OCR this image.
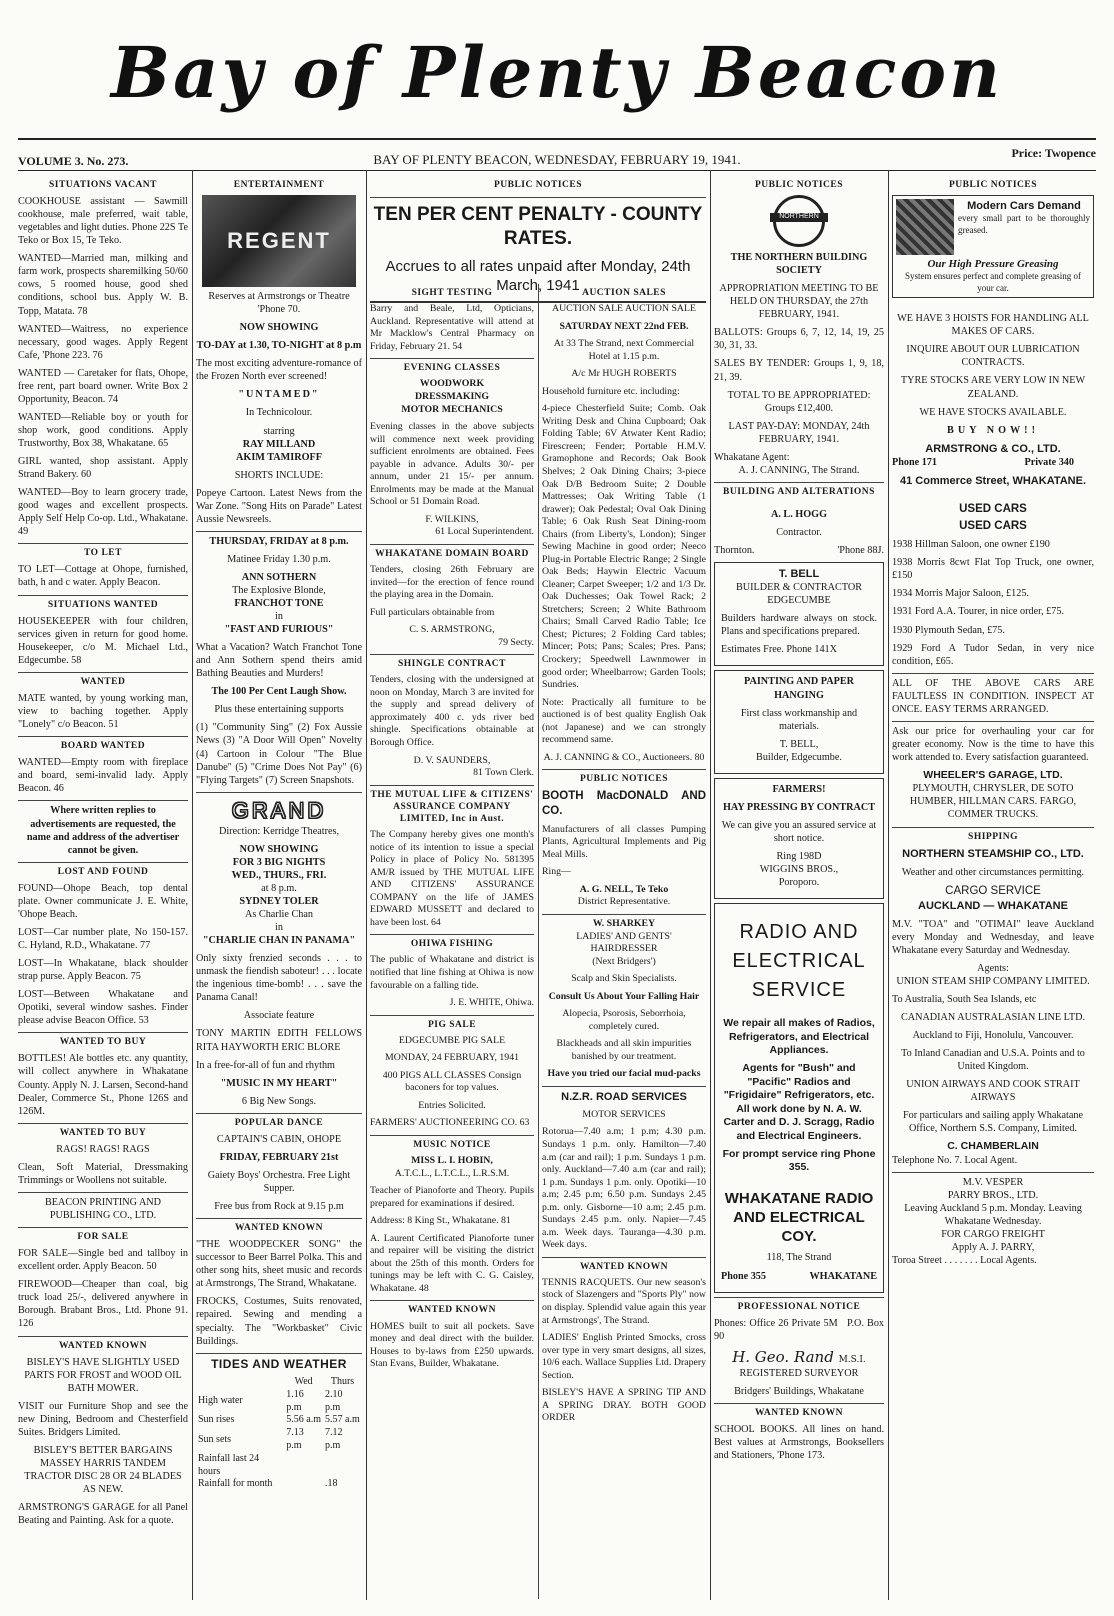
Bay of Plenty Beacon
VOLUME 3. No. 273.	BAY OF PLENTY BEACON, WEDNESDAY, FEBRUARY 19, 1941.	Price: Twopence
SITUATIONS VACANT

COOKHOUSE assistant — Sawmill cookhouse, male preferred, wait table, vegetables and light duties. Phone 22S Te Teko or Box 15, Te Teko.

WANTED—Married man, milking and farm work, prospects sharemilking 50/60 cows, 5 roomed house, good shed conditions, school bus. Apply W. B. Topp, Matata. 78

WANTED—Waitress, no experience necessary, good wages. Apply Regent Cafe, 'Phone 223. 76

WANTED — Caretaker for flats, Ohope, free rent, part board owner. Write Box 2 Opportunity, Beacon. 74

WANTED—Reliable boy or youth for shop work, good conditions. Apply Trustworthy, Box 38, Whakatane. 65

GIRL wanted, shop assistant. Apply Strand Bakery. 60

WANTED—Boy to learn grocery trade, good wages and excellent prospects. Apply Self Help Co-op. Ltd., Whakatane. 49

TO LET

TO LET—Cottage at Ohope, furnished, bath, h and c water. Apply Beacon.

SITUATIONS WANTED

HOUSEKEEPER with four children, services given in return for good home. Housekeeper, c/o M. Michael Ltd., Edgecumbe. 58

WANTED

MATE wanted, by young working man, view to baching together. Apply "Lonely" c/o Beacon. 51

BOARD WANTED

WANTED—Empty room with fireplace and board, semi-invalid lady. Apply Beacon. 46

Where written replies to advertisements are requested, the name and address of the advertiser cannot be given.

LOST AND FOUND

FOUND—Ohope Beach, top dental plate. Owner communicate J. E. White, 'Ohope Beach.

LOST—Car number plate, No 150-157. C. Hyland, R.D., Whakatane. 77

LOST—In Whakatane, black shoulder strap purse. Apply Beacon. 75

LOST—Between Whakatane and Opotiki, several window sashes. Finder please advise Beacon Office. 53

WANTED TO BUY

BOTTLES! Ale bottles etc. any quantity, will collect anywhere in Whakatane County. Apply N. J. Larsen, Second-hand Dealer, Commerce St., Phone 126S and 126M.

WANTED TO BUY

RAGS! RAGS! RAGS

Clean, Soft Material, Dressmaking Trimmings or Woollens not suitable.

BEACON PRINTING AND PUBLISHING CO., LTD.

FOR SALE

FOR SALE—Single bed and tallboy in excellent order. Apply Beacon. 50

FIREWOOD—Cheaper than coal, big truck load 25/-, delivered anywhere in Borough. Brabant Bros., Ltd. Phone 91. 126

WANTED KNOWN

BISLEY'S HAVE SLIGHTLY USED PARTS FOR FROST and WOOD OIL BATH MOWER.

VISIT our Furniture Shop and see the new Dining, Bedroom and Chesterfield Suites. Bridgers Limited.

BISLEY'S BETTER BARGAINS MASSEY HARRIS TANDEM TRACTOR DISC 28 OR 24 BLADES AS NEW.

ARMSTRONG'S GARAGE for all Panel Beating and Painting. Ask for a quote.

ENTERTAINMENT
REGENT

Reserves at Armstrongs or Theatre 'Phone 70.

NOW SHOWING

TO-DAY at 1.30, TO-NIGHT at 8 p.m

The most exciting adventure-romance of the Frozen North ever screened!

"UNTAMED"

In Technicolour.

starring

RAY MILLAND

AKIM TAMIROFF

SHORTS INCLUDE:

Popeye Cartoon. Latest News from the War Zone. "Song Hits on Parade" Latest Aussie Newsreels.

THURSDAY, FRIDAY at 8 p.m.

Matinee Friday 1.30 p.m.

ANN SOTHERN

The Explosive Blonde,

FRANCHOT TONE

in

"FAST AND FURIOUS"

What a Vacation? Watch Franchot Tone and Ann Sothern spend theirs amid Bathing Beauties and Murders!

The 100 Per Cent Laugh Show.

Plus these entertaining supports

(1) "Community Sing" (2) Fox Aussie News (3) "A Door Will Open" Novelty (4) Cartoon in Colour "The Blue Danube" (5) "Crime Does Not Pay" (6) "Flying Targets" (7) Screen Snapshots.

GRAND

Direction: Kerridge Theatres,

NOW SHOWING

FOR 3 BIG NIGHTS

WED., THURS., FRI.

at 8 p.m.

SYDNEY TOLER

As Charlie Chan

in

"CHARLIE CHAN IN PANAMA"

Only sixty frenzied seconds . . . to unmask the fiendish saboteur! . . . locate the ingenious time-bomb! . . . save the Panama Canal!

Associate feature

TONY MARTIN EDITH FELLOWS RITA HAYWORTH ERIC BLORE

In a free-for-all of fun and rhythm

"MUSIC IN MY HEART"

6 Big New Songs.

POPULAR DANCE

CAPTAIN'S CABIN, OHOPE

FRIDAY, FEBRUARY 21st

Gaiety Boys' Orchestra. Free Light Supper.

Free bus from Rock at 9.15 p.m

WANTED KNOWN

"THE WOODPECKER SONG" the successor to Beer Barrel Polka. This and other song hits, sheet music and records at Armstrongs, The Strand, Whakatane.

FROCKS, Costumes, Suits renovated, repaired. Sewing and mending a specialty. The "Workbasket" Civic Buildings.

TIDES AND WEATHER
	Wed	Thurs
High water	1.16 p.m	2.10 p.m
Sun rises	5.56 a.m	5.57 a.m
Sun sets	7.13 p.m	7.12 p.m
Rainfall last 24 hours		
Rainfall for month		.18
PUBLIC NOTICES
TEN PER CENT PENALTY - COUNTY RATES.
Accrues to all rates unpaid after Monday, 24th March, 1941
SIGHT TESTING

Barry and Beale, Ltd, Opticians, Auckland. Representative will attend at Mr Macklow's Central Pharmacy on Friday, February 21. 54

EVENING CLASSES

WOODWORK

DRESSMAKING

MOTOR MECHANICS

Evening classes in the above subjects will commence next week providing sufficient enrolments are obtained. Fees payable in advance. Adults 30/- per annum, under 21 15/- per annum. Enrolments may be made at the Manual School or 51 Domain Road.

F. WILKINS,

61 Local Superintendent.

WHAKATANE DOMAIN BOARD

Tenders, closing 26th February are invited—for the erection of fence round the playing area in the Domain.

Full particulars obtainable from

C. S. ARMSTRONG,

79 Secty.

SHINGLE CONTRACT

Tenders, closing with the undersigned at noon on Monday, March 3 are invited for the supply and spread delivery of approximately 400 c. yds river bed shingle. Specifications obtainable at Borough Office.

D. V. SAUNDERS,

81 Town Clerk.

THE MUTUAL LIFE & CITIZENS' ASSURANCE COMPANY LIMITED, Inc in Aust.

The Company hereby gives one month's notice of its intention to issue a special Policy in place of Policy No. 581395 AM/R issued by THE MUTUAL LIFE AND CITIZENS' ASSURANCE COMPANY on the life of JAMES EDWARD MUSSETT and declared to have been lost. 64

OHIWA FISHING

The public of Whakatane and district is notified that line fishing at Ohiwa is now favourable on a falling tide.

J. E. WHITE, Ohiwa.

PIG SALE

EDGECUMBE PIG SALE

MONDAY, 24 FEBRUARY, 1941

400 PIGS ALL CLASSES Consign baconers for top values.

Entries Solicited.

FARMERS' AUCTIONEERING CO. 63

MUSIC NOTICE

MISS L. I. HOBIN,

A.T.C.L., L.T.C.L., L.R.S.M.

Teacher of Pianoforte and Theory. Pupils prepared for examinations if desired.

Address: 8 King St., Whakatane. 81

A. Laurent Certificated Pianoforte tuner and repairer will be visiting the district about the 25th of this month. Orders for tunings may be left with C. G. Caisley, Whakatane. 48

WANTED KNOWN

HOMES built to suit all pockets. Save money and deal direct with the builder. Houses to by-laws from £250 upwards. Stan Evans, Builder, Whakatane.

AUCTION SALES

AUCTION SALE AUCTION SALE

SATURDAY NEXT 22nd FEB.

At 33 The Strand, next Commercial Hotel at 1.15 p.m.

A/c Mr HUGH ROBERTS

Household furniture etc. including:

4-piece Chesterfield Suite; Comb. Oak Writing Desk and China Cupboard; Oak Folding Table; 6V Atwater Kent Radio; Firescreen; Fender; Portable H.M.V. Gramophone and Records; Oak Book Shelves; 2 Oak Dining Chairs; 3-piece Oak D/B Bedroom Suite; 2 Double Mattresses; Oak Writing Table (1 drawer); Oak Pedestal; Oval Oak Dining Table; 6 Oak Rush Seat Dining-room Chairs (from Liberty's, London); Singer Sewing Machine in good order; Neeco Plug-in Portable Electric Range; 2 Single Oak Beds; Haywin Electric Vacuum Cleaner; Carpet Sweeper; 1/2 and 1/3 Dr. Oak Duchesses; Oak Towel Rack; 2 Stretchers; Screen; 2 White Bathroom Chairs; Small Carved Radio Table; Ice Chest; Pictures; 2 Folding Card tables; Mincer; Pots; Pans; Scales; Pres. Pans; Crockery; Speedwell Lawnmower in good order; Wheelbarrow; Garden Tools; Sundries.

Note: Practically all furniture to be auctioned is of best quality English Oak (not Japanese) and we can strongly recommend same.

A. J. CANNING & CO., Auctioneers. 80

PUBLIC NOTICES

BOOTH MacDONALD AND CO.

Manufacturers of all classes Pumping Plants, Agricultural Implements and Pig Meal Mills.

Ring—

A. G. NELL, Te Teko

District Representative.

W. SHARKEY

LADIES' AND GENTS' HAIRDRESSER

(Next Bridgers')

Scalp and Skin Specialists.

Consult Us About Your Falling Hair

Alopecia, Psorosis, Seborrhoia, completely cured.

Blackheads and all skin impurities banished by our treatment.

Have you tried our facial mud-packs

N.Z.R. ROAD SERVICES

MOTOR SERVICES

Rotorua—7.40 a.m; 1 p.m; 4.30 p.m. Sundays 1 p.m. only. Hamilton—7.40 a.m (car and rail); 1 p.m. Sundays 1 p.m. only. Auckland—7.40 a.m (car and rail); 1 p.m. Sundays 1 p.m. only. Opotiki—10 a.m; 2.45 p.m; 6.50 p.m. Sundays 2.45 p.m. only. Gisborne—10 a.m; 2.45 p.m. Sundays 2.45 p.m. only. Napier—7.45 a.m. Week days. Tauranga—4.30 p.m. Week days.

WANTED KNOWN

TENNIS RACQUETS. Our new season's stock of Slazengers and "Sports Ply" now on display. Splendid value again this year at Armstrongs', The Strand.

LADIES' English Printed Smocks, cross over type in very smart designs, all sizes, 10/6 each. Wallace Supplies Ltd. Drapery Section.

BISLEY'S HAVE A SPRING TIP AND A SPRING DRAY. BOTH GOOD ORDER

PUBLIC NOTICES
NORTHERN

THE NORTHERN BUILDING SOCIETY

APPROPRIATION MEETING TO BE HELD ON THURSDAY, the 27th FEBRUARY, 1941.

BALLOTS: Groups 6, 7, 12, 14, 19, 25 30, 31, 33.

SALES BY TENDER: Groups 1, 9, 18, 21, 39.

TOTAL TO BE APPROPRIATED: Groups £12,400.

LAST PAY-DAY: MONDAY, 24th FEBRUARY, 1941.

Whakatane Agent:

A. J. CANNING, The Strand.

BUILDING AND ALTERATIONS

A. L. HOGG

Contractor.

Thornton.	'Phone 88J.

T. BELL

BUILDER & CONTRACTOR EDGECUMBE

Builders hardware always on stock. Plans and specifications prepared.

Estimates Free. Phone 141X

PAINTING AND PAPER HANGING

First class workmanship and materials.

T. BELL,

Builder, Edgecumbe.

FARMERS!

HAY PRESSING BY CONTRACT

We can give you an assured service at short notice.

Ring 198D

WIGGINS BROS.,

Poroporo.

RADIO AND ELECTRICAL SERVICE

We repair all makes of Radios, Refrigerators, and Electrical Appliances.

Agents for "Bush" and "Pacific" Radios and "Frigidaire" Refrigerators, etc. All work done by N. A. W. Carter and D. J. Scragg, Radio and Electrical Engineers.

For prompt service ring Phone 355.

WHAKATANE RADIO AND ELECTRICAL COY.

118, The Strand

Phone 355	WHAKATANE

PROFESSIONAL NOTICE

Phones: Office 26 Private 5M P.O. Box 90

H. Geo. Rand M.S.I.

REGISTERED SURVEYOR

Bridgers' Buildings, Whakatane

WANTED KNOWN

SCHOOL BOOKS. All lines on hand. Best values at Armstrongs, Booksellers and Stationers, 'Phone 173.

PUBLIC NOTICES

Modern Cars Demand

every small part to be thoroughly greased.

Our High Pressure Greasing

System ensures perfect and complete greasing of your car.

WE HAVE 3 HOISTS FOR HANDLING ALL MAKES OF CARS.

INQUIRE ABOUT OUR LUBRICATION CONTRACTS.

TYRE STOCKS ARE VERY LOW IN NEW ZEALAND.

WE HAVE STOCKS AVAILABLE.

BUY NOW!!

ARMSTRONG & CO., LTD.

Phone 171	Private 340

41 Commerce Street, WHAKATANE.

USED CARS

USED CARS

1938 Hillman Saloon, one owner £190

1938 Morris 8cwt Flat Top Truck, one owner, £150

1934 Morris Major Saloon, £125.

1931 Ford A.A. Tourer, in nice order, £75.

1930 Plymouth Sedan, £75.

1929 Ford A Tudor Sedan, in very nice condition, £65.

ALL OF THE ABOVE CARS ARE FAULTLESS IN CONDITION. INSPECT AT ONCE. EASY TERMS ARRANGED.

Ask our price for overhauling your car for greater economy. Now is the time to have this work attended to. Every satisfaction guaranteed.

WHEELER'S GARAGE, LTD.

PLYMOUTH, CHRYSLER, DE SOTO HUMBER, HILLMAN CARS. FARGO, COMMER TRUCKS.

SHIPPING

NORTHERN STEAMSHIP CO., LTD.

Weather and other circumstances permitting.

CARGO SERVICE

AUCKLAND — WHAKATANE

M.V. "TOA" and "OTIMAI" leave Auckland every Monday and Wednesday, and leave Whakatane every Saturday and Wednesday.

Agents:

UNION STEAM SHIP COMPANY LIMITED.

To Australia, South Sea Islands, etc

CANADIAN AUSTRALASIAN LINE LTD.

Auckland to Fiji, Honolulu, Vancouver.

To Inland Canadian and U.S.A. Points and to United Kingdom.

UNION AIRWAYS AND COOK STRAIT AIRWAYS

For particulars and sailing apply Whakatane Office, Northern S.S. Company, Limited.

C. CHAMBERLAIN

Telephone No. 7. Local Agent.

M.V. VESPER

PARRY BROS., LTD.

Leaving Auckland 5 p.m. Monday. Leaving Whakatane Wednesday.

FOR CARGO FREIGHT

Apply A. J. PARRY,

Toroa Street . . . . . . . Local Agents.
